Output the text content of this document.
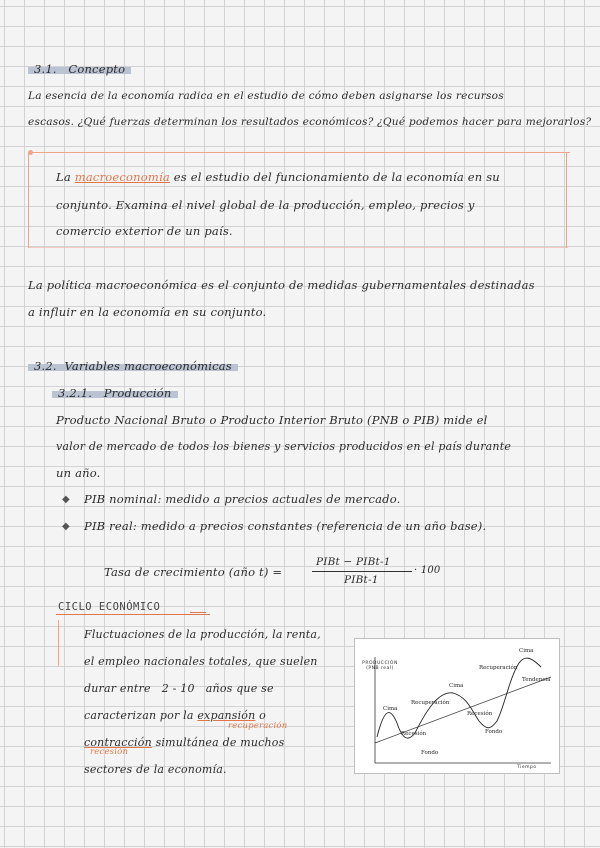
3.1. Concepto
La esencia de la economía radica en el estudio de cómo deben asignarse los recursos
escasos. ¿Qué fuerzas determinan los resultados económicos? ¿Qué podemos hacer para mejorarlos?
La macroeconomía es el estudio del funcionamiento de la economía en su
conjunto. Examina el nivel global de la producción, empleo, precios y
comercio exterior de un país.
La política macroeconómica es el conjunto de medidas gubernamentales destinadas
a influir en la economía en su conjunto.
3.2. Variables macroeconómicas
3.2.1. Producción
Producto Nacional Bruto o Producto Interior Bruto (PNB o PIB) mide el
valor de mercado de todos los bienes y servicios producidos en el país durante
un año.
◆ PIB nominal: medido a precios actuales de mercado.
◆ PIB real: medido a precios constantes (referencia de un año base).
Tasa de crecimiento (año t) =
PIBt − PIBt-1
PIBt-1
· 100
CICLO ECONÓMICO
Fluctuaciones de la producción, la renta,
el empleo nacionales totales, que suelen
durar entre 2 - 10 años que se
caracterizan por la expansión o
recuperación
contracción simultánea de muchos
recesión
sectores de la economía.
PRODUCCIÓN (PNB real)
Tiempo
Cima
Recesión
Fondo
Recuperación
Cima
Recesión
Fondo
Recuperación
Cima
Tendencia
